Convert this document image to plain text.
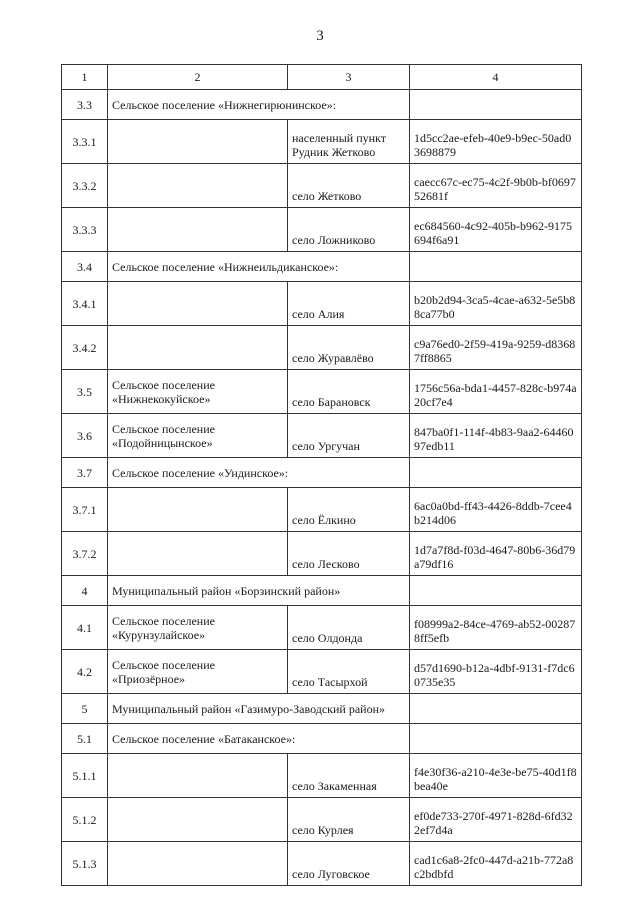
3
1	2	3	4
3.3	Сельское поселение «Нижнегирюнинское»:		
3.3.1		населенный пункт Рудник Жетково	1d5cc2ae-efeb-40e9-b9ec-50ad03698879
3.3.2		село Жетково	caecc67c-ec75-4c2f-9b0b-bf069752681f
3.3.3		село Ложниково	ec684560-4c92-405b-b962-9175694f6a91
3.4	Сельское поселение «Нижнеильдиканское»:		
3.4.1		село Алия	b20b2d94-3ca5-4cae-a632-5e5b88ca77b0
3.4.2		село Журавлёво	c9a76ed0-2f59-419a-9259-d83687ff8865
3.5	Сельское поселение «Нижнекокуйское»	село Барановск	1756c56a-bda1-4457-828c-b974a20cf7e4
3.6	Сельское поселение «Подойницынское»	село Ургучан	847ba0f1-114f-4b83-9aa2-6446097edb11
3.7	Сельское поселение «Ундинское»:		
3.7.1		село Ёлкино	6ac0a0bd-ff43-4426-8ddb-7cee4b214d06
3.7.2		село Лесково	1d7a7f8d-f03d-4647-80b6-36d79a79df16
4	Муниципальный район «Борзинский район»		
4.1	Сельское поселение «Курунзулайское»	село Олдонда	f08999a2-84ce-4769-ab52-002878ff5efb
4.2	Сельское поселение «Приозёрное»	село Тасырхой	d57d1690-b12a-4dbf-9131-f7dc60735e35
5	Муниципальный район «Газимуро-Заводский район»		
5.1	Сельское поселение «Батаканское»:		
5.1.1		село Закаменная	f4e30f36-a210-4e3e-be75-40d1f8bea40e
5.1.2		село Курлея	ef0de733-270f-4971-828d-6fd322ef7d4a
5.1.3		село Луговское	cad1c6a8-2fc0-447d-a21b-772a8c2bdbfd
